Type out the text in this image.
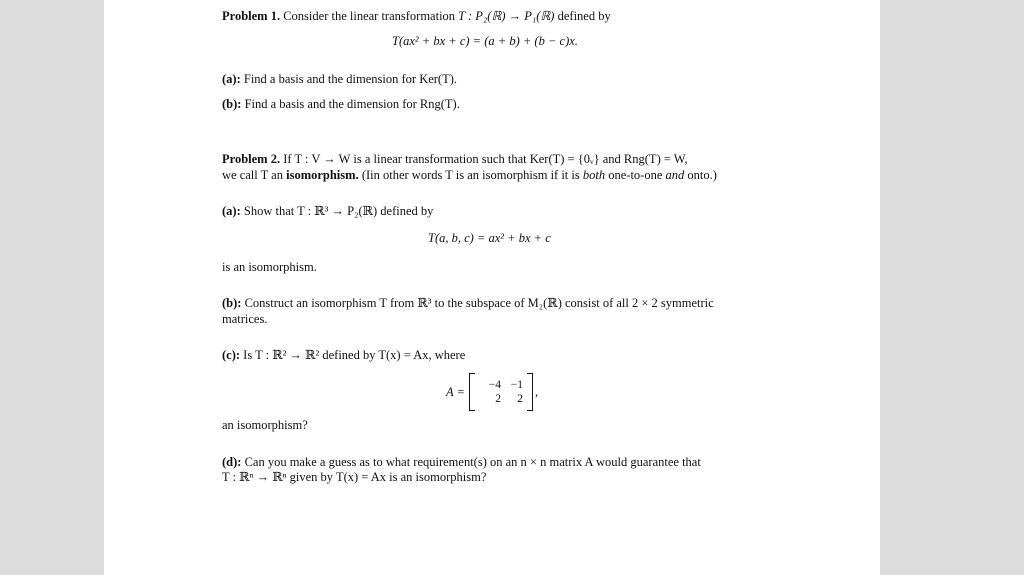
Problem 1. Consider the linear transformation T : P₂(ℝ) → P₁(ℝ) defined by
T(ax² + bx + c) = (a + b) + (b − c)x.
(a): Find a basis and the dimension for Ker(T).
(b): Find a basis and the dimension for Rng(T).
Problem 2. If T : V → W is a linear transformation such that Ker(T) = {0ᵥ} and Rng(T) = W,
we call T an isomorphism. (Iin other words T is an isomorphism if it is both one-to-one and onto.)
(a): Show that T : ℝ³ → P₂(ℝ) defined by
T(a, b, c) = ax² + bx + c
is an isomorphism.
(b): Construct an isomorphism T from ℝ³ to the subspace of M₂(ℝ) consist of all 2 × 2 symmetric
matrices.
(c): Is T : ℝ² → ℝ² defined by T(x) = Ax, where
A =	−4 −1
2	2
,
an isomorphism?
(d): Can you make a guess as to what requirement(s) on an n × n matrix A would guarantee that
T : ℝⁿ → ℝⁿ given by T(x) = Ax is an isomorphism?
